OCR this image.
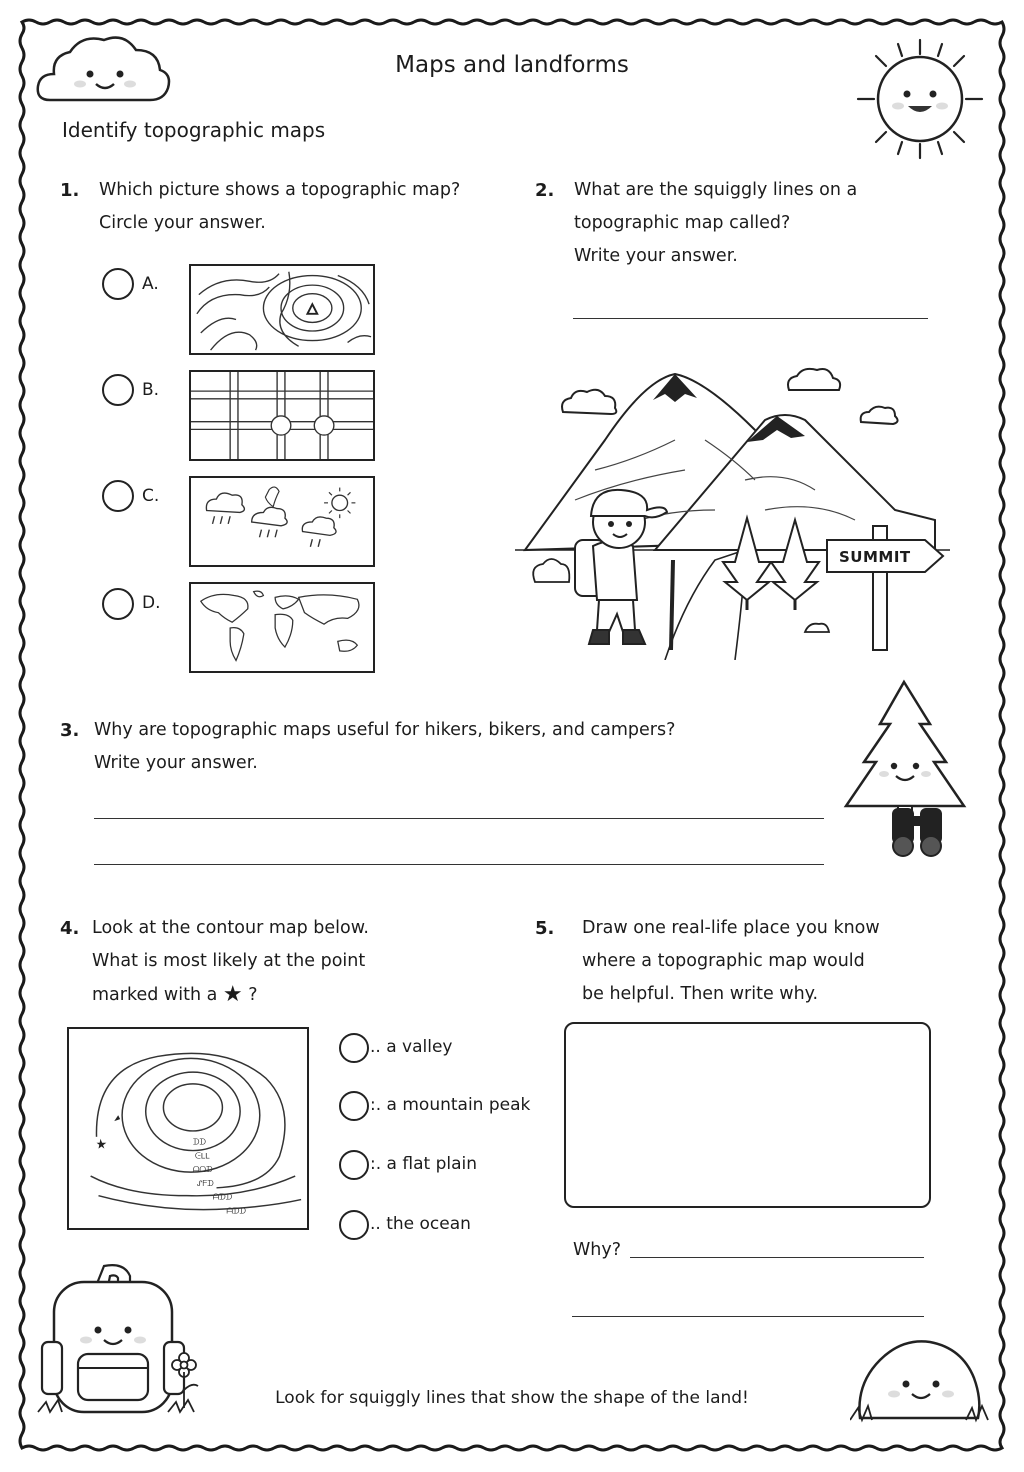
Maps and landforms
Identify topographic maps
1. Which picture shows a topographic map?
Circle your answer.
A.
B.
C.
D.
2. What are the squiggly lines on a
topographic map called?
Write your answer.
SUMMIT
3. Why are topographic maps useful for hikers, bikers, and campers?
Write your answer.
4. Look at the contour map below.
What is most likely at the point
marked with a ★ ?
ᗪᗪ
ᕮᒪᒪ
ᗩᗝᗪ
ᔑᖴᗪ
ᗩᗪᗪ
ᗩᗪᗪ
.. a valley
:. a mountain peak
:. a flat plain
.. the ocean
5. Draw one real-life place you know
where a topographic map would
be helpful. Then write why.
Why?
Look for squiggly lines that show the shape of the land!
